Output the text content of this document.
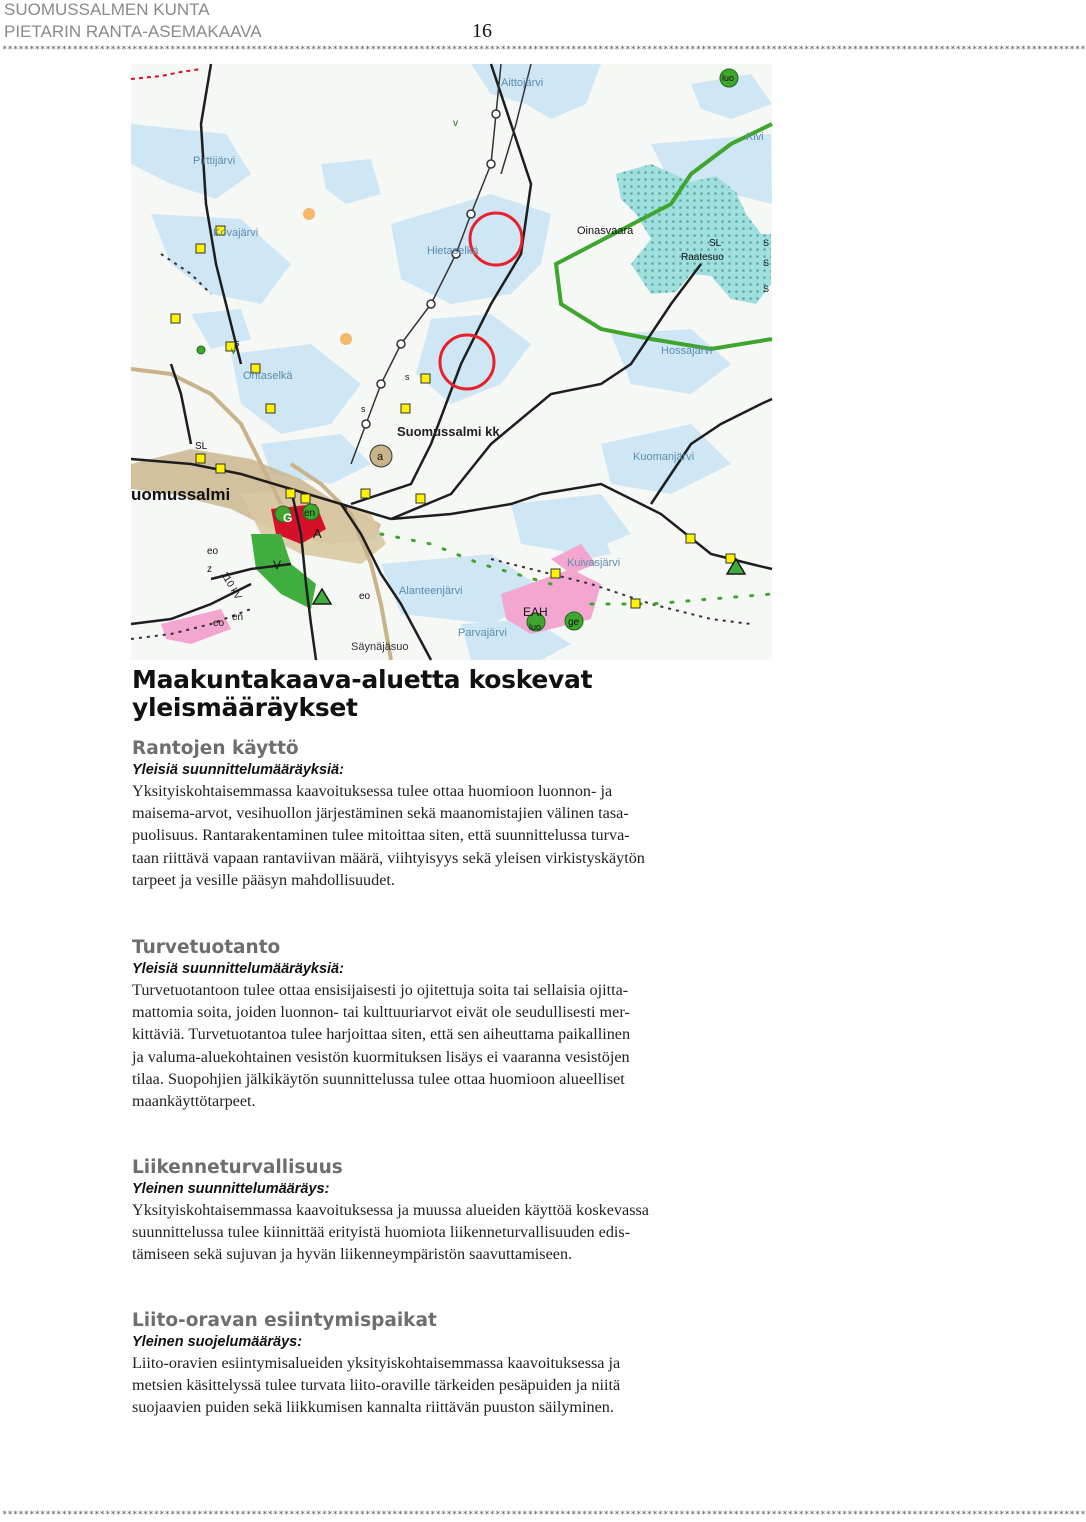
SUOMUSSALMEN KUNTA
PIETARIN RANTA-ASEMAKAAVA	16
********************************************************************************************************************************************************************************************************
Aittojärvi
Kivi
Pirttijärvi
Kovajärvi
Hietaselkä
Oinasvaara
SL
Raatesuo
Hossajärvi
Ohtaselkä
Suomussalmi kk
uomussalmi
Kuomanjärvi
Kuivasjärvi
Alanteenjärvi
Parvajärvi
Säynäjäsuo
110 kV
s
s
s
v
v
SL
a
G en
A
V
eo
eo
eo
z
en	EAH
luo
luo
ge
s
S
S
S
Maakuntakaava-aluetta koskevat
yleismääräykset
Rantojen käyttö

Yleisiä suunnittelumääräyksiä:

Yksityiskohtaisemmassa kaavoituksessa tulee ottaa huomioon luonnon- ja
maisema-arvot, vesihuollon järjestäminen sekä maanomistajien välinen tasa-
puolisuus. Rantarakentaminen tulee mitoittaa siten, että suunnittelussa turva-
taan riittävä vapaan rantaviivan määrä, viihtyisyys sekä yleisen virkistyskäytön
tarpeet ja vesille pääsyn mahdollisuudet.
Turvetuotanto

Yleisiä suunnittelumääräyksiä:

Turvetuotantoon tulee ottaa ensisijaisesti jo ojitettuja soita tai sellaisia ojitta-
mattomia soita, joiden luonnon- tai kulttuuriarvot eivät ole seudullisesti mer-
kittäviä. Turvetuotantoa tulee harjoittaa siten, että sen aiheuttama paikallinen
ja valuma-aluekohtainen vesistön kuormituksen lisäys ei vaaranna vesistöjen
tilaa. Suopohjien jälkikäytön suunnittelussa tulee ottaa huomioon alueelliset
maankäyttötarpeet.
Liikenneturvallisuus

Yleinen suunnittelumääräys:

Yksityiskohtaisemmassa kaavoituksessa ja muussa alueiden käyttöä koskevassa
suunnittelussa tulee kiinnittää erityistä huomiota liikenneturvallisuuden edis-
tämiseen sekä sujuvan ja hyvän liikenneympäristön saavuttamiseen.
Liito-oravan esiintymispaikat

Yleinen suojelumääräys:

Liito-oravien esiintymisalueiden yksityiskohtaisemmassa kaavoituksessa ja
metsien käsittelyssä tulee turvata liito-oraville tärkeiden pesäpuiden ja niitä
suojaavien puiden sekä liikkumisen kannalta riittävän puuston säilyminen.
********************************************************************************************************************************************************************************************************
